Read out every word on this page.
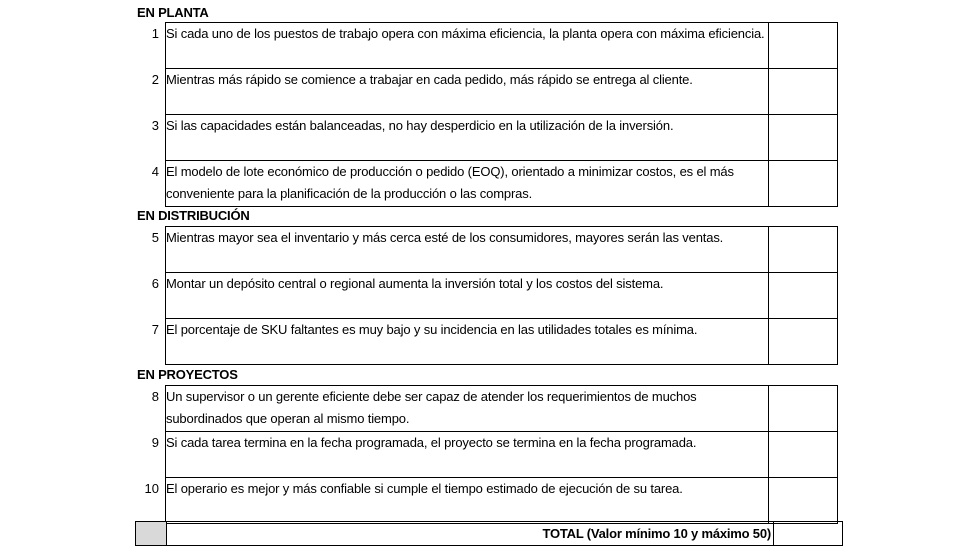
EN PLANTA
1	Si cada uno de los puestos de trabajo opera con máxima eficiencia, la planta opera con máxima eficiencia.	
2	Mientras más rápido se comience a trabajar en cada pedido, más rápido se entrega al cliente.	
3	Si las capacidades están balanceadas, no hay desperdicio en la utilización de la inversión.	
4	El modelo de lote económico de producción o pedido (EOQ), orientado a minimizar costos, es el más conveniente para la planificación de la producción o las compras.	
EN DISTRIBUCIÓN
5	Mientras mayor sea el inventario y más cerca esté de los consumidores, mayores serán las ventas.	
6	Montar un depósito central o regional aumenta la inversión total y los costos del sistema.	
7	El porcentaje de SKU faltantes es muy bajo y su incidencia en las utilidades totales es mínima.	
EN PROYECTOS
8	Un supervisor o un gerente eficiente debe ser capaz de atender los requerimientos de muchos subordinados que operan al mismo tiempo.	
9	Si cada tarea termina en la fecha programada, el proyecto se termina en la fecha programada.	
10	El operario es mejor y más confiable si cumple el tiempo estimado de ejecución de su tarea.	
	TOTAL (Valor mínimo 10 y máximo 50)	
